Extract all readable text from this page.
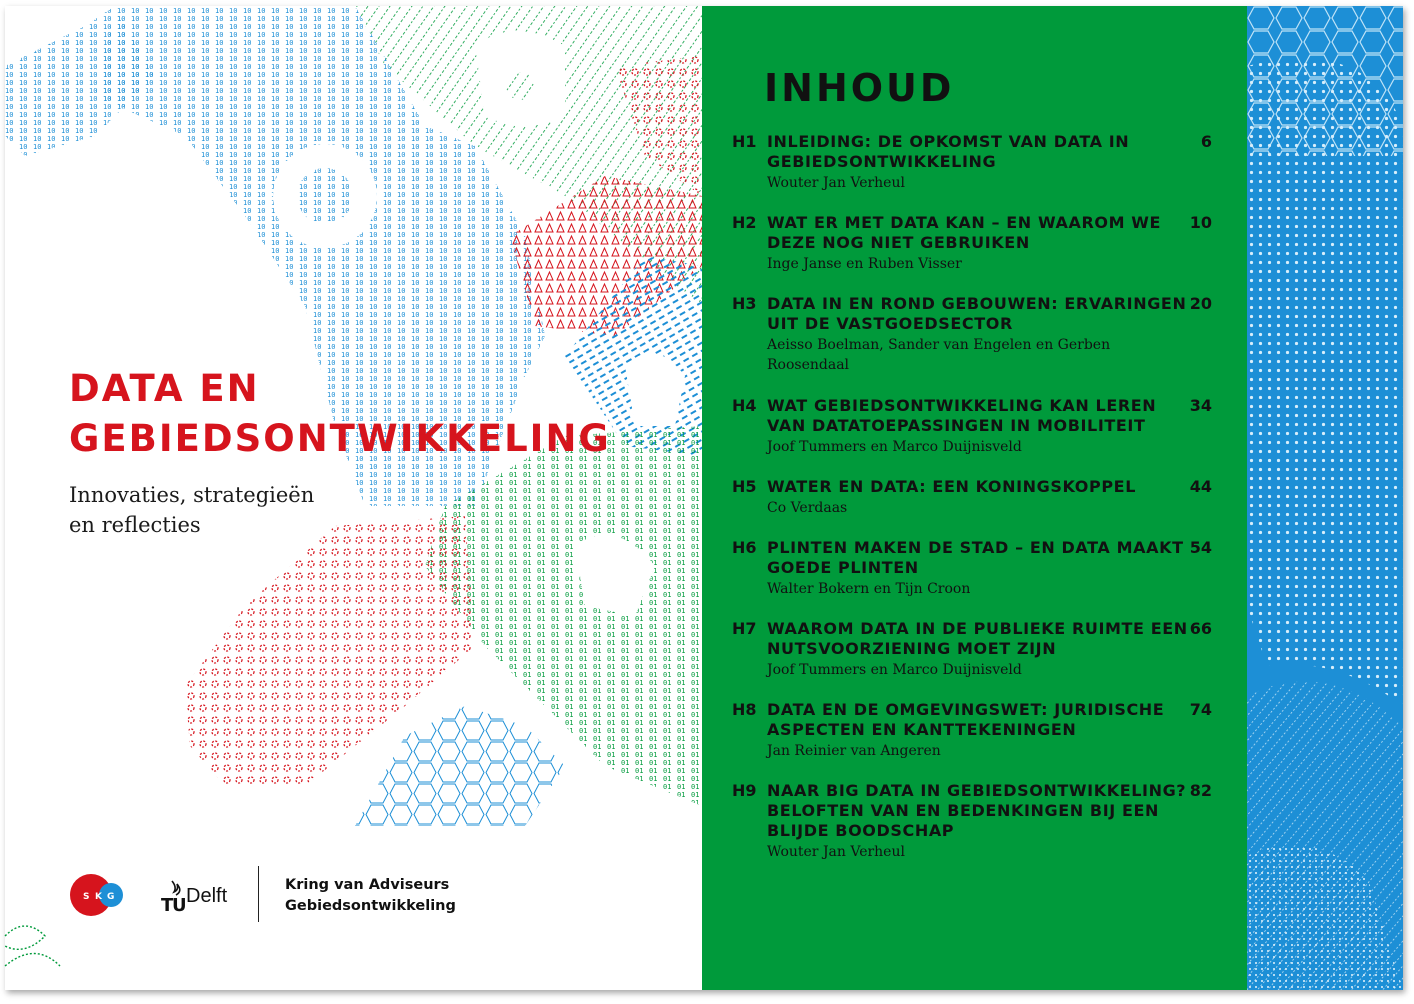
DATA EN
GEBIEDSONTWIKKELING

Innovaties, strategieën
en reflecties

S K G	T
U Delft	Kring van Adviseurs
Gebiedsontwikkeling
INHOUD
H1 INLEIDING: DE OPKOMST VAN DATA IN
GEBIEDSONTWIKKELING
Wouter Jan Verheul
6
H2 WAT ER MET DATA KAN – EN WAAROM WE
DEZE NOG NIET GEBRUIKEN
Inge Janse en Ruben Visser
10
H3 DATA IN EN ROND GEBOUWEN: ERVARINGEN
UIT DE VASTGOEDSECTOR
Aeisso Boelman, Sander van Engelen en Gerben
Roosendaal
20
H4 WAT GEBIEDSONTWIKKELING KAN LEREN
VAN DATATOEPASSINGEN IN MOBILITEIT
Joof Tummers en Marco Duijnisveld
34
H5 WATER EN DATA: EEN KONINGSKOPPEL
Co Verdaas
44
H6 PLINTEN MAKEN DE STAD – EN DATA MAAKT
GOEDE PLINTEN
Walter Bokern en Tijn Croon
54
H7 WAAROM DATA IN DE PUBLIEKE RUIMTE EEN
NUTSVOORZIENING MOET ZIJN
Joof Tummers en Marco Duijnisveld
66
H8 DATA EN DE OMGEVINGSWET: JURIDISCHE
ASPECTEN EN KANTTEKENINGEN
Jan Reinier van Angeren
74
H9 NAAR BIG DATA IN GEBIEDSONTWIKKELING?
BELOFTEN VAN EN BEDENKINGEN BIJ EEN
BLIJDE BOODSCHAP
Wouter Jan Verheul
82
